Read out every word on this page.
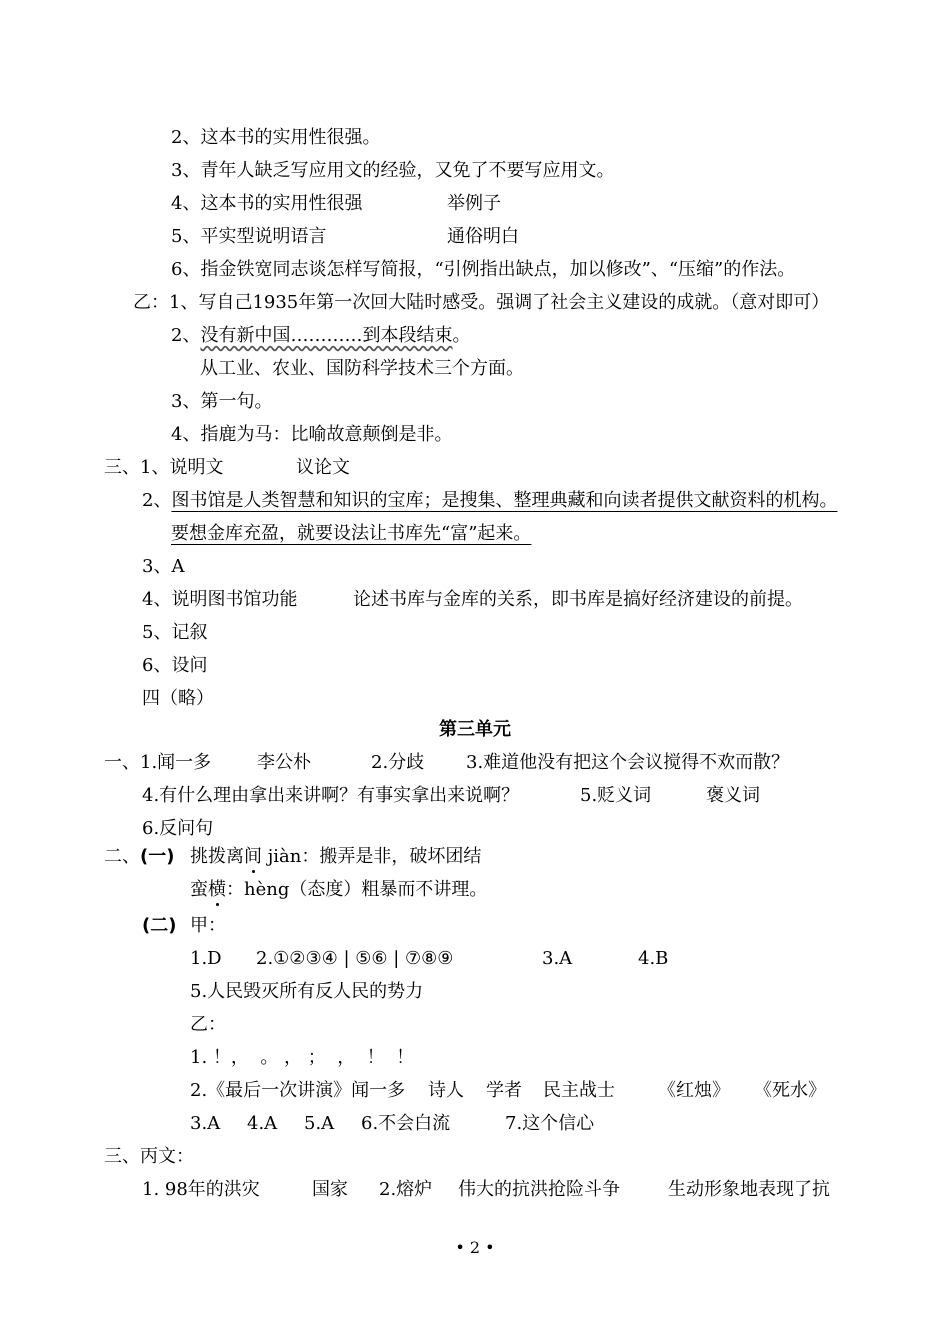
2、这本书的实用性很强。
3、青年人缺乏写应用文的经验，又免了不要写应用文。
4、这本书的实用性很强	举例子
5、平实型说明语言	通俗明白
6、指金铁宽同志谈怎样写简报，“引例指出缺点，加以修改”、“压缩”的作法。
乙：1、写自己1935年第一次回大陆时感受。强调了社会主义建设的成就。（意对即可）
2、没有新中国…………到本段结束。
从工业、农业、国防科学技术三个方面。
3、第一句。
4、指鹿为马：比喻故意颠倒是非。
三、1、说明文	议论文
2、图书馆是人类智慧和知识的宝库；是搜集、整理典藏和向读者提供文献资料的机构。
要想金库充盈，就要设法让书库先“富”起来。
3、A
4、说明图书馆功能	论述书库与金库的关系，即书库是搞好经济建设的前提。
5、记叙
6、设问
四（略）
第三单元
一、1.闻一多	李公朴	2.分歧 3.难道他没有把这个会议搅得不欢而散？
4.有什么理由拿出来讲啊？有事实拿出来说啊？	5.贬义词	褒义词
6.反问句
二、(一) 挑拨离间 jiàn：搬弄是非，破坏团结
蛮横：hèng（态度）粗暴而不讲理。
(二) 甲：
1.D 2.①②③④ | ⑤⑥ | ⑦⑧⑨	3.A	4.B
5.人民毁灭所有反人民的势力
乙：
1. ！，  。 ， ；  ，  ！  ！
2.《最后一次讲演》闻一多 诗人 学者 民主战士 《红烛》 《死水》
3.A 4.A 5.A 6.不会白流	7.这个信心
三、丙文：
1. 98年的洪灾	国家 2.熔炉 伟大的抗洪抢险斗争	生动形象地表现了抗
• 2 •
